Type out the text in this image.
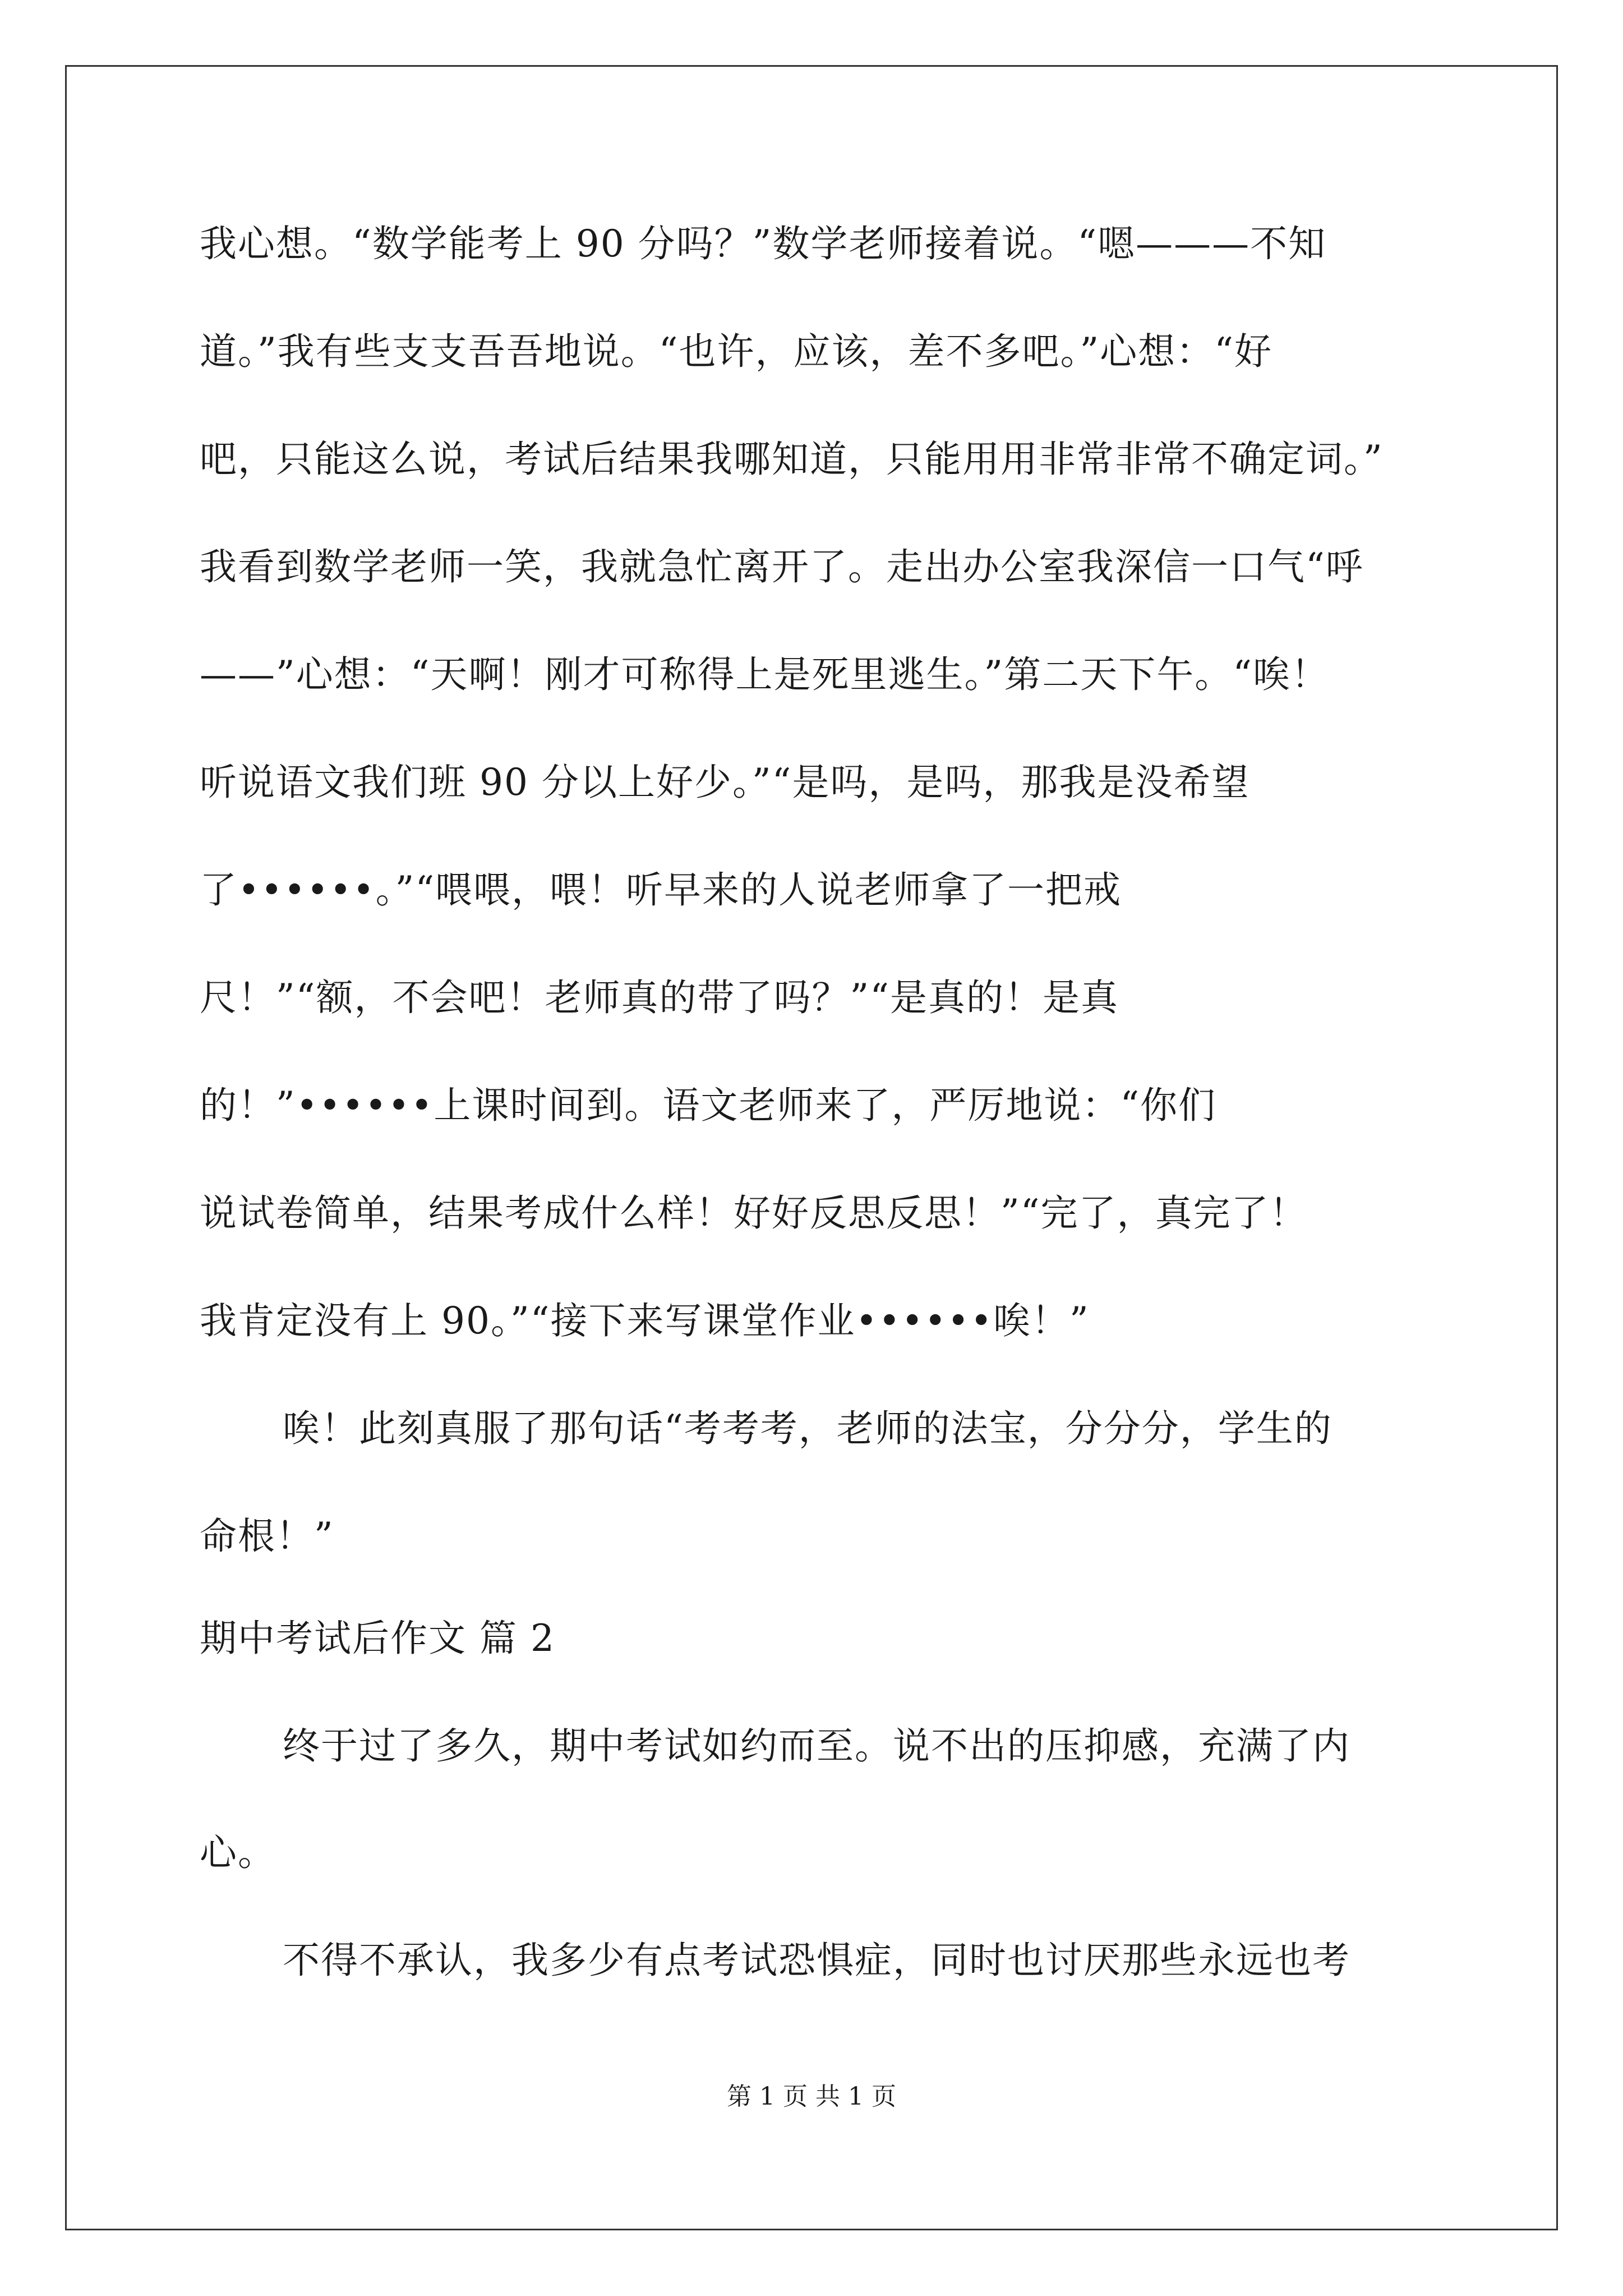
我心想。“数学能考上 90 分吗？”数学老师接着说。“嗯———不知
道。”我有些支支吾吾地说。“也许，应该，差不多吧。”心想：“好
吧，只能这么说，考试后结果我哪知道，只能用用非常非常不确定词。”
我看到数学老师一笑，我就急忙离开了。走出办公室我深信一口气“呼
——”心想：“天啊！刚才可称得上是死里逃生。”第二天下午。“唉！
听说语文我们班 90 分以上好少。”“是吗，是吗，那我是没希望
了••••••。”“喂喂，喂！听早来的人说老师拿了一把戒
尺！”“额，不会吧！老师真的带了吗？”“是真的！是真
的！”••••••上课时间到。语文老师来了，严厉地说：“你们
说试卷简单，结果考成什么样！好好反思反思！”“完了，真完了！
我肯定没有上 90。”“接下来写课堂作业••••••唉！”
唉！此刻真服了那句话“考考考，老师的法宝，分分分，学生的
命根！”
期中考试后作文 篇 2
终于过了多久，期中考试如约而至。说不出的压抑感，充满了内
心。
不得不承认，我多少有点考试恐惧症，同时也讨厌那些永远也考
第 1 页 共 1 页
